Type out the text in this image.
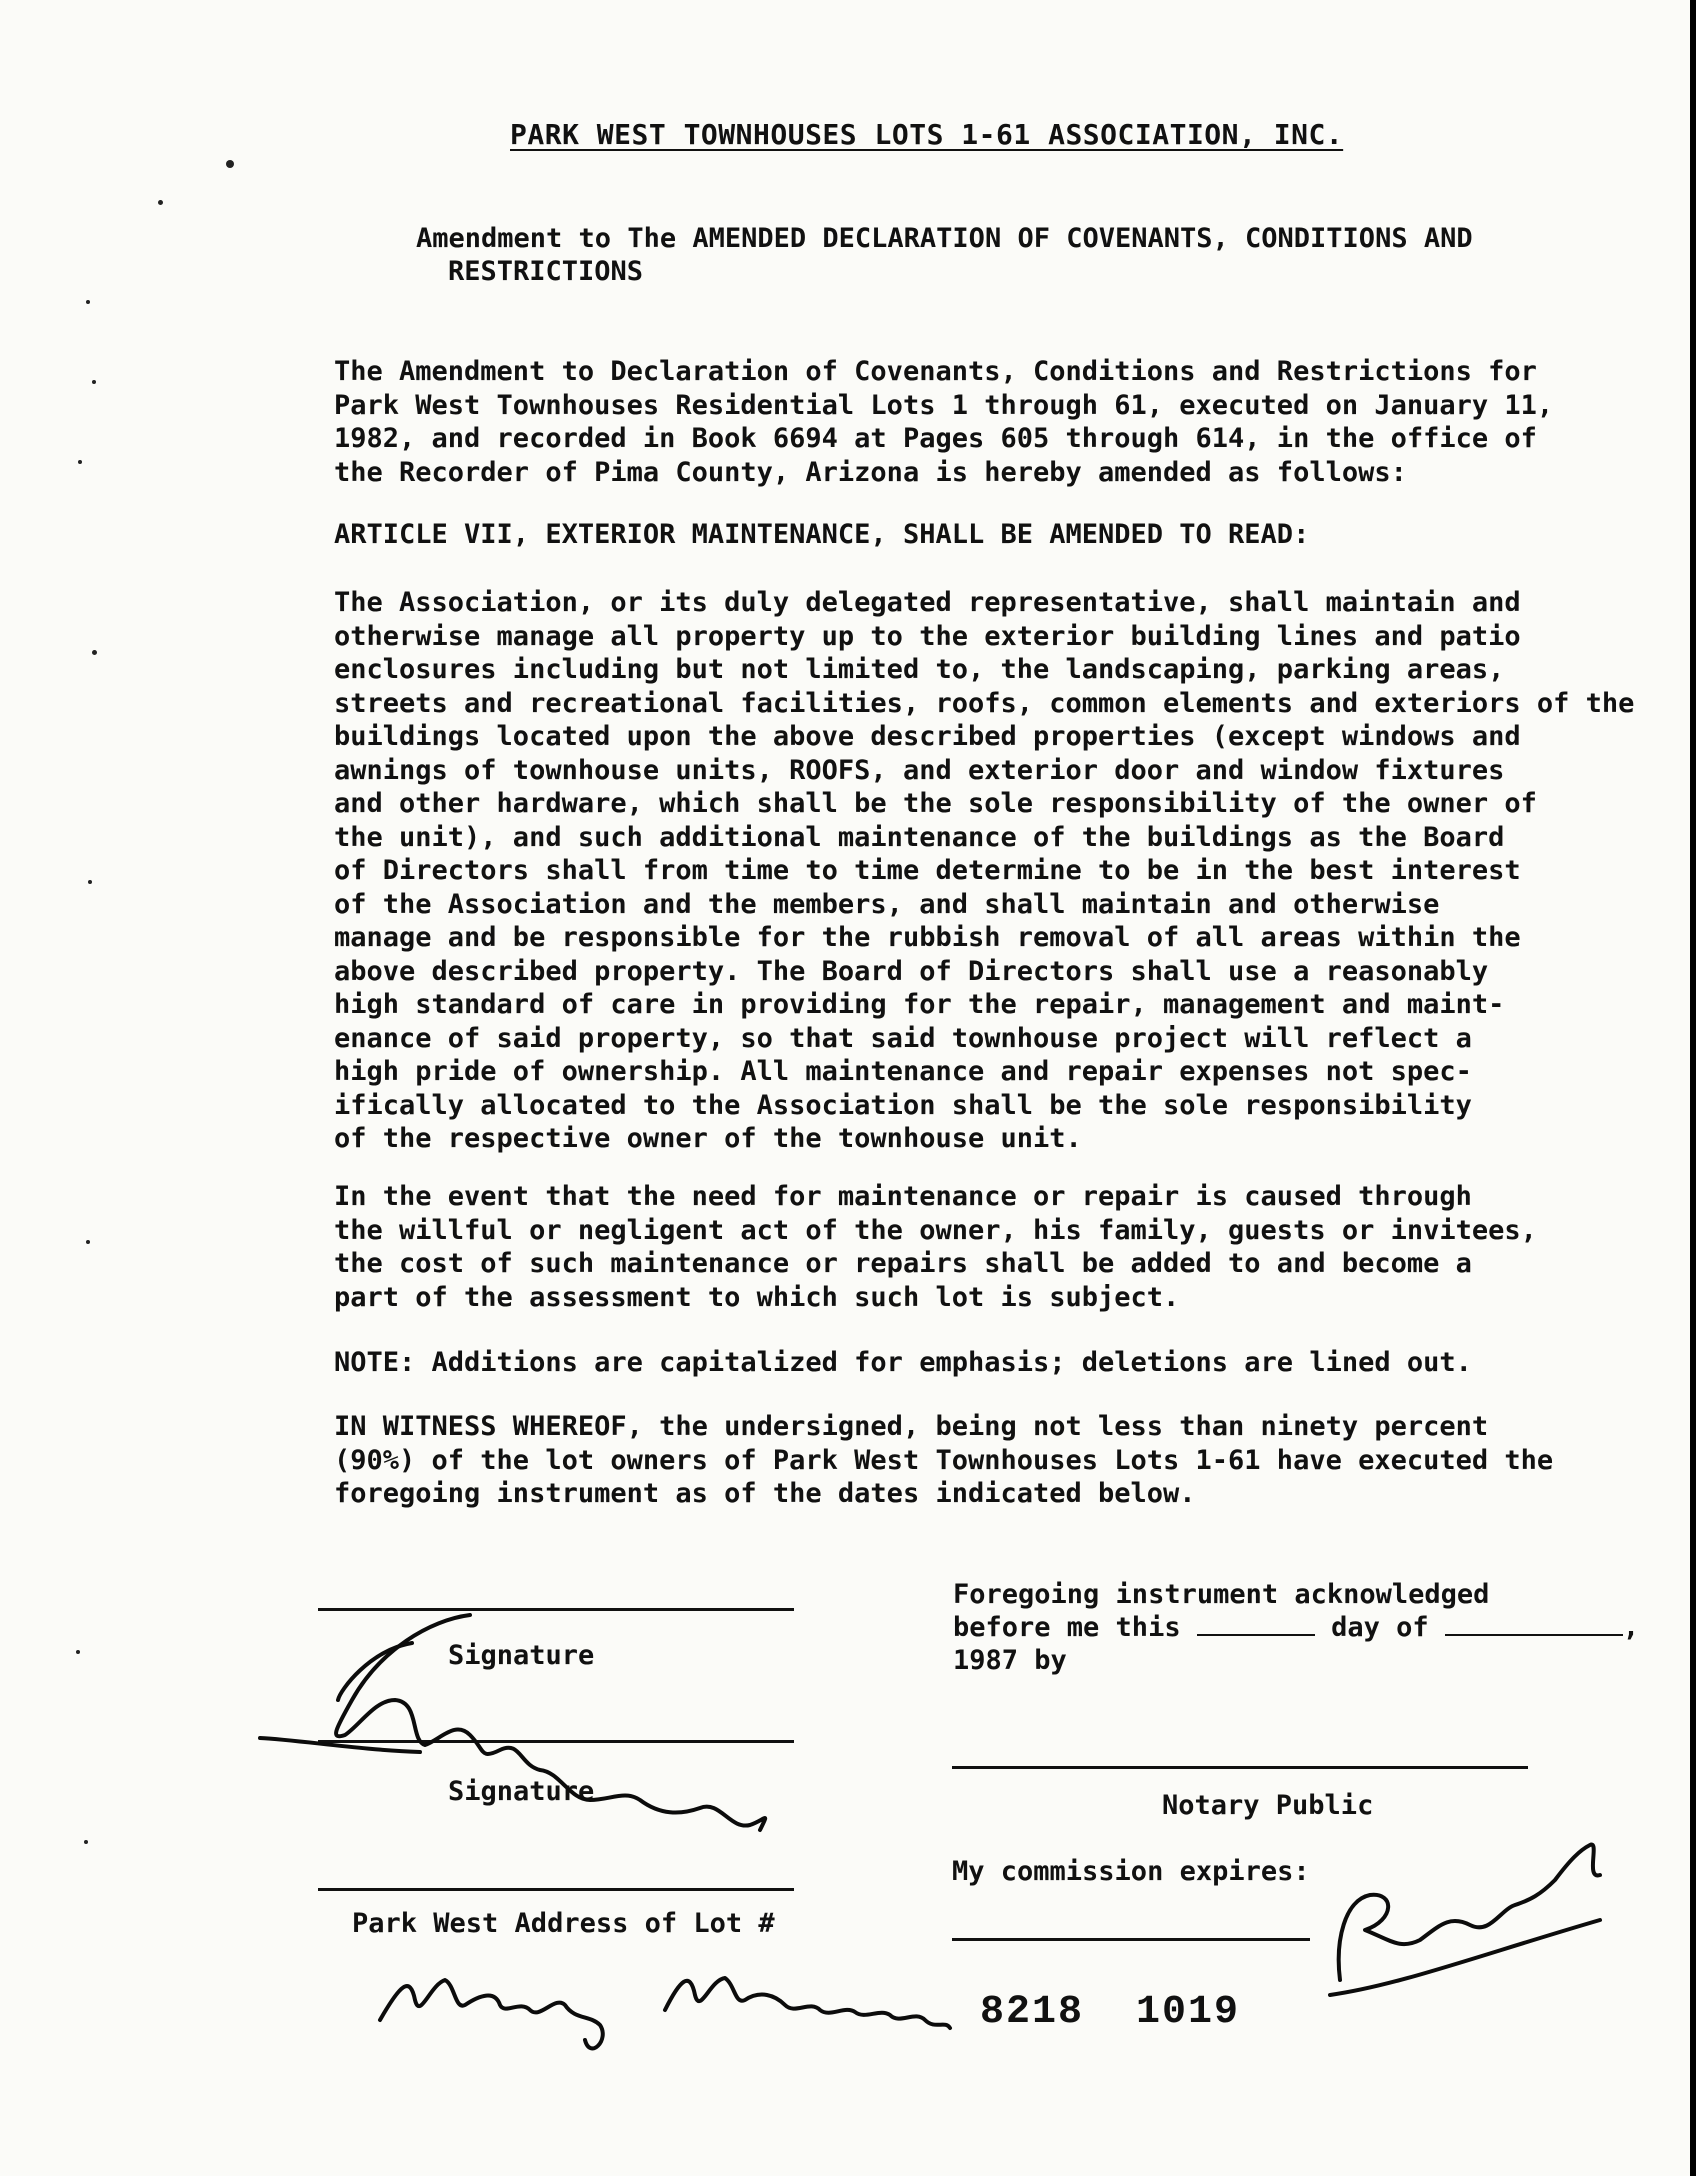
PARK WEST TOWNHOUSES LOTS 1-61 ASSOCIATION, INC.
Amendment to The AMENDED DECLARATION OF COVENANTS, CONDITIONS AND
RESTRICTIONS
The Amendment to Declaration of Covenants, Conditions and Restrictions for
Park West Townhouses Residential Lots 1 through 61, executed on January 11,
1982, and recorded in Book 6694 at Pages 605 through 614, in the office of
the Recorder of Pima County, Arizona is hereby amended as follows:
ARTICLE VII, EXTERIOR MAINTENANCE, SHALL BE AMENDED TO READ:
The Association, or its duly delegated representative, shall maintain and
otherwise manage all property up to the exterior building lines and patio
enclosures including but not limited to, the landscaping, parking areas,
streets and recreational facilities, roofs, common elements and exteriors of the
buildings located upon the above described properties (except windows and
awnings of townhouse units, ROOFS, and exterior door and window fixtures
and other hardware, which shall be the sole responsibility of the owner of
the unit), and such additional maintenance of the buildings as the Board
of Directors shall from time to time determine to be in the best interest
of the Association and the members, and shall maintain and otherwise
manage and be responsible for the rubbish removal of all areas within the
above described property. The Board of Directors shall use a reasonably
high standard of care in providing for the repair, management and maint-
enance of said property, so that said townhouse project will reflect a
high pride of ownership. All maintenance and repair expenses not spec-
ifically allocated to the Association shall be the sole responsibility
of the respective owner of the townhouse unit.
In the event that the need for maintenance or repair is caused through
the willful or negligent act of the owner, his family, guests or invitees,
the cost of such maintenance or repairs shall be added to and become a
part of the assessment to which such lot is subject.
NOTE: Additions are capitalized for emphasis; deletions are lined out.
IN WITNESS WHEREOF, the undersigned, being not less than ninety percent
(90%) of the lot owners of Park West Townhouses Lots 1-61 have executed the
foregoing instrument as of the dates indicated below.
Signature
Signature
Park West Address of Lot #
Foregoing instrument acknowledged
before me this	day of	,
1987 by
Notary Public
My commission expires:
8218 1019
